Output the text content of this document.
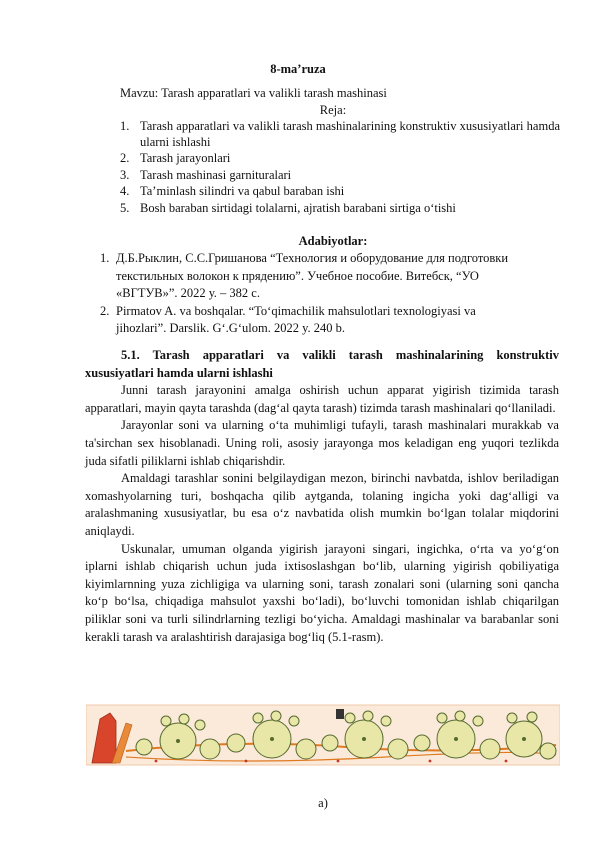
8-ma’ruza
Mavzu: Tarash apparatlari va valikli tarash mashinasi
Reja:
1. Tarash apparatlari va valikli tarash mashinalarining konstruktiv xususiyatlari hamda ularni ishlashi
2. Tarash jarayonlari
3. Tarash mashinasi garnituralari
4. Ta’minlash silindri va qabul baraban ishi
5. Bosh baraban sirtidagi tolalarni, ajratish barabani sirtiga oʻtishi
Adabiyotlar:
1. Д.Б.Рыклин, С.С.Гришанова “Технология и оборудование для подготовки текстильных волокон к прядению”. Учебное пособие. Витебск, “УО «ВГТУВ»”. 2022 у. – 382 с.
2. Pirmatov A. va boshqalar. “Toʻqimachilik mahsulotlari texnologiyasi va jihozlari”. Darslik. Gʻ.Gʻulom. 2022 y. 240 b.

5.1. Tarash apparatlari va valikli tarash mashinalarining konstruktiv xususiyatlari hamda ularni ishlashi

Junni tarash jarayonini amalga oshirish uchun apparat yigirish tizimida tarash apparatlari, mayin qayta tarashda (dagʻal qayta tarash) tizimda tarash mashinalari qoʻllaniladi.

Jarayonlar soni va ularning oʻta muhimligi tufayli, tarash mashinalari murakkab va ta'sirchan sex hisoblanadi. Uning roli, asosiy jarayonga mos keladigan eng yuqori tezlikda juda sifatli piliklarni ishlab chiqarishdir.

Amaldagi tarashlar sonini belgilaydigan mezon, birinchi navbatda, ishlov beriladigan xomashyolarning turi, boshqacha qilib aytganda, tolaning ingicha yoki dagʻalligi va aralashmaning xususiyatlar, bu esa oʻz navbatida olish mumkin boʻlgan tolalar miqdorini aniqlaydi.

Uskunalar, umuman olganda yigirish jarayoni singari, ingichka, oʻrta va yoʻgʻon iplarni ishlab chiqarish uchun juda ixtisoslashgan boʻlib, ularning yigirish qobiliyatiga kiyimlarnning yuza zichligiga va ularning soni, tarash zonalari soni (ularning soni qancha koʻp boʻlsa, chiqadiga mahsulot yaxshi boʻladi), boʻluvchi tomonidan ishlab chiqarilgan piliklar soni va turli silindrlarning tezligi boʻyicha. Amaldagi mashinalar va barabanlar soni kerakli tarash va aralashtirish darajasiga bogʻliq (5.1-rasm).

a)
